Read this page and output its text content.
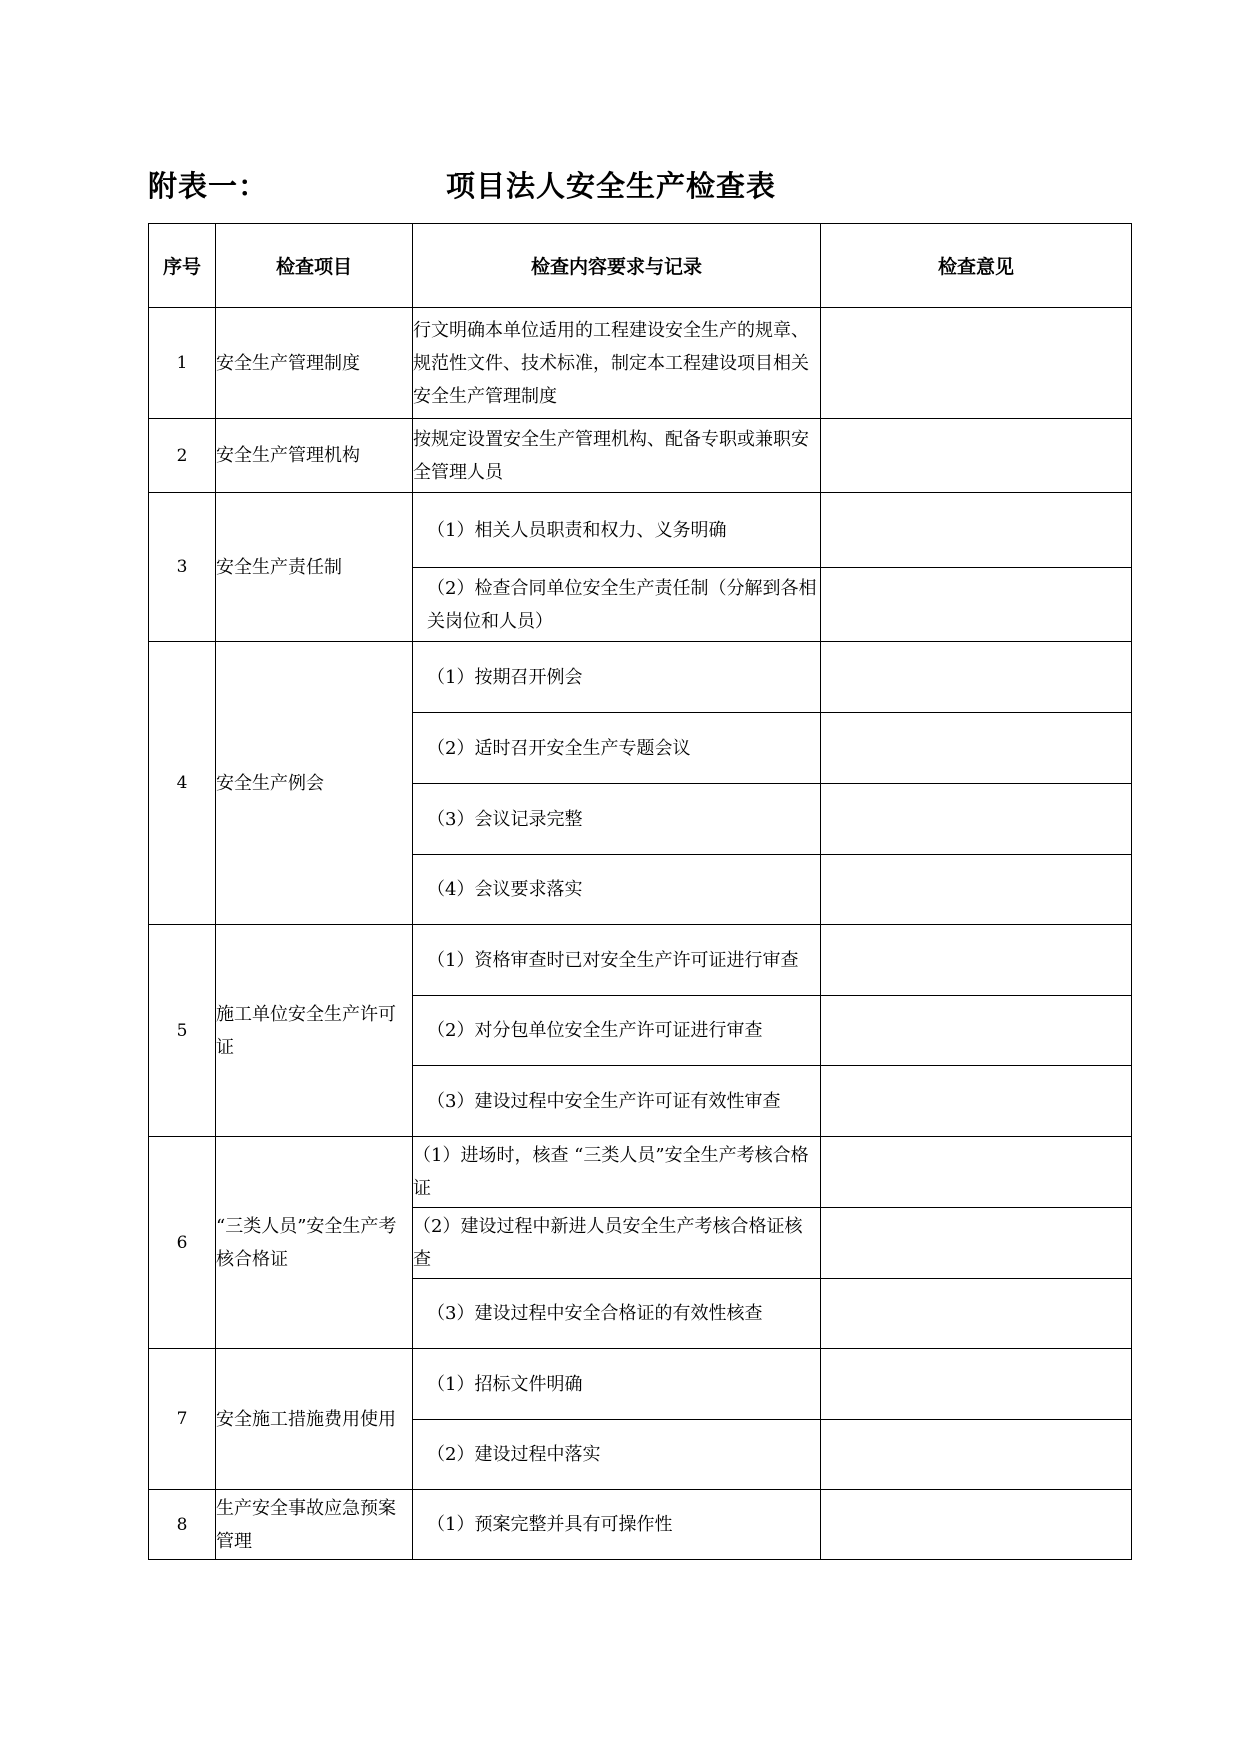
附表一：	项目法人安全生产检查表
序号	检查项目	检查内容要求与记录	检查意见
1	安全生产管理制度	行文明确本单位适用的工程建设安全生产的规章、规范性文件、技术标准，制定本工程建设项目相关安全生产管理制度	
2	安全生产管理机构	按规定设置安全生产管理机构、配备专职或兼职安全管理人员	
3	安全生产责任制	（1）相关人员职责和权力、义务明确	
		（2）检查合同单位安全生产责任制（分解到各相关岗位和人员）	
4	安全生产例会	（1）按期召开例会	
		（2）适时召开安全生产专题会议	
		（3）会议记录完整	
		（4）会议要求落实	
5	施工单位安全生产许可证	（1）资格审查时已对安全生产许可证进行审查	
		（2）对分包单位安全生产许可证进行审查	
		（3）建设过程中安全生产许可证有效性审查	
6	“三类人员”安全生产考核合格证	（1）进场时，核查 “三类人员”安全生产考核合格证	
		（2）建设过程中新进人员安全生产考核合格证核查	
		（3）建设过程中安全合格证的有效性核查	
7	安全施工措施费用使用	（1）招标文件明确	
		（2）建设过程中落实	
8	生产安全事故应急预案管理	（1）预案完整并具有可操作性	
